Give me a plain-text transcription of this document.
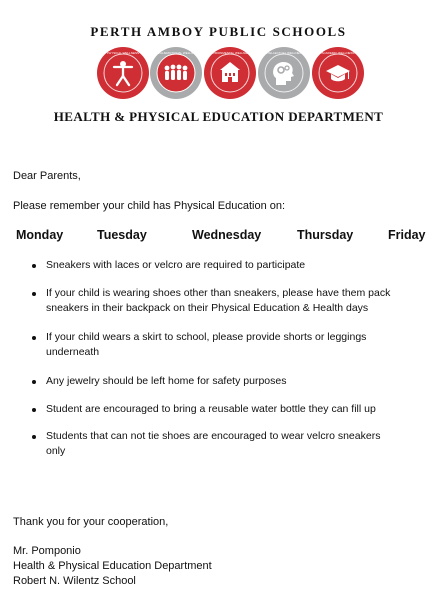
PERTH AMBOY PUBLIC SCHOOLS
PHYSICAL WELLNESS	SOCIAL/EMOTIONAL WELLNESS	ENVIRONMENTAL WELLNESS	INTELLECTUAL WELLNESS	ACADEMIC WELLNESS
HEALTH & PHYSICAL EDUCATION DEPARTMENT
Dear Parents,
Please remember your child has Physical Education on:
Monday	Tuesday	Wednesday	Thursday	Friday
Sneakers with laces or velcro are required to participate
If your child is wearing shoes other than sneakers, please have them pack sneakers in their backpack on their Physical Education & Health days
If your child wears a skirt to school, please provide shorts or leggings underneath
Any jewelry should be left home for safety purposes
Student are encouraged to bring a reusable water bottle they can fill up
Students that can not tie shoes are encouraged to wear velcro sneakers only
Thank you for your cooperation,
Mr. Pomponio
Health & Physical Education Department
Robert N. Wilentz School
